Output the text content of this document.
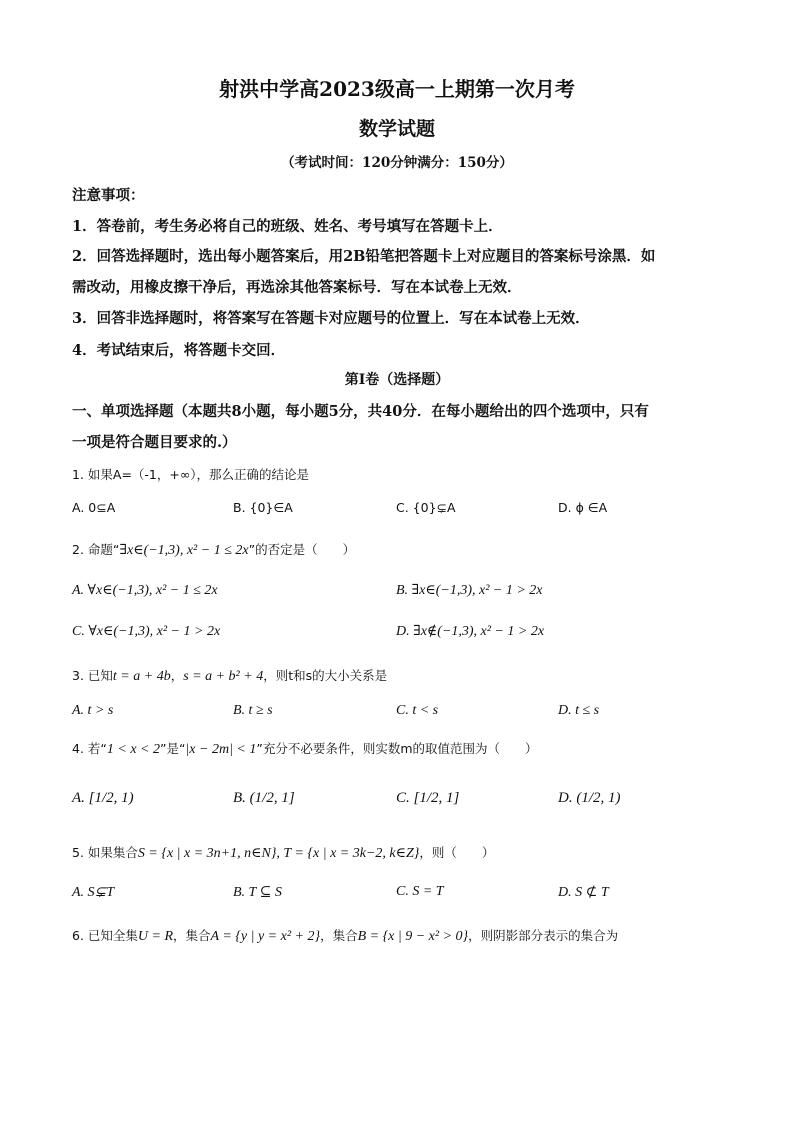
射洪中学高2023级高一上期第一次月考
数学试题
（考试时间：120分钟满分：150分）
注意事项：
1．答卷前，考生务必将自己的班级、姓名、考号填写在答题卡上．
2．回答选择题时，选出每小题答案后，用2B铅笔把答题卡上对应题目的答案标号涂黑．如
需改动，用橡皮擦干净后，再选涂其他答案标号．写在本试卷上无效．
3．回答非选择题时，将答案写在答题卡对应题号的位置上．写在本试卷上无效．
4．考试结束后，将答题卡交回．
第I卷（选择题）
一、单项选择题（本题共8小题，每小题5分，共40分．在每小题给出的四个选项中，只有
一项是符合题目要求的.）
1. 如果A=（-1，+∞），那么正确的结论是
A. 0⊆A	B. {0}∈A	C. {0}⊊A	D. ϕ ∈A
2. 命题“∃x∈(−1,3), x² − 1 ≤ 2x”的否定是（　　）
A. ∀x∈(−1,3), x² − 1 ≤ 2x	B. ∃x∈(−1,3), x² − 1 > 2x
C. ∀x∈(−1,3), x² − 1 > 2x	D. ∃x∉(−1,3), x² − 1 > 2x
3. 已知t = a + 4b，s = a + b² + 4，则t和s的大小关系是
A. t > s	B. t ≥ s	C. t < s	D. t ≤ s
4. 若“1 < x < 2”是“|x − 2m| < 1”充分不必要条件，则实数m的取值范围为（　　）
A. [1/2, 1)	B. (1/2, 1]	C. [1/2, 1]	D. (1/2, 1)
5. 如果集合S = {x | x = 3n+1, n∈N}, T = {x | x = 3k−2, k∈Z}，则（　　）
A. S⊊T	B. T ⊆ S	C. S = T	D. S ⊄ T
6. 已知全集U = R，集合A = {y | y = x² + 2}，集合B = {x | 9 − x² > 0}，则阴影部分表示的集合为
